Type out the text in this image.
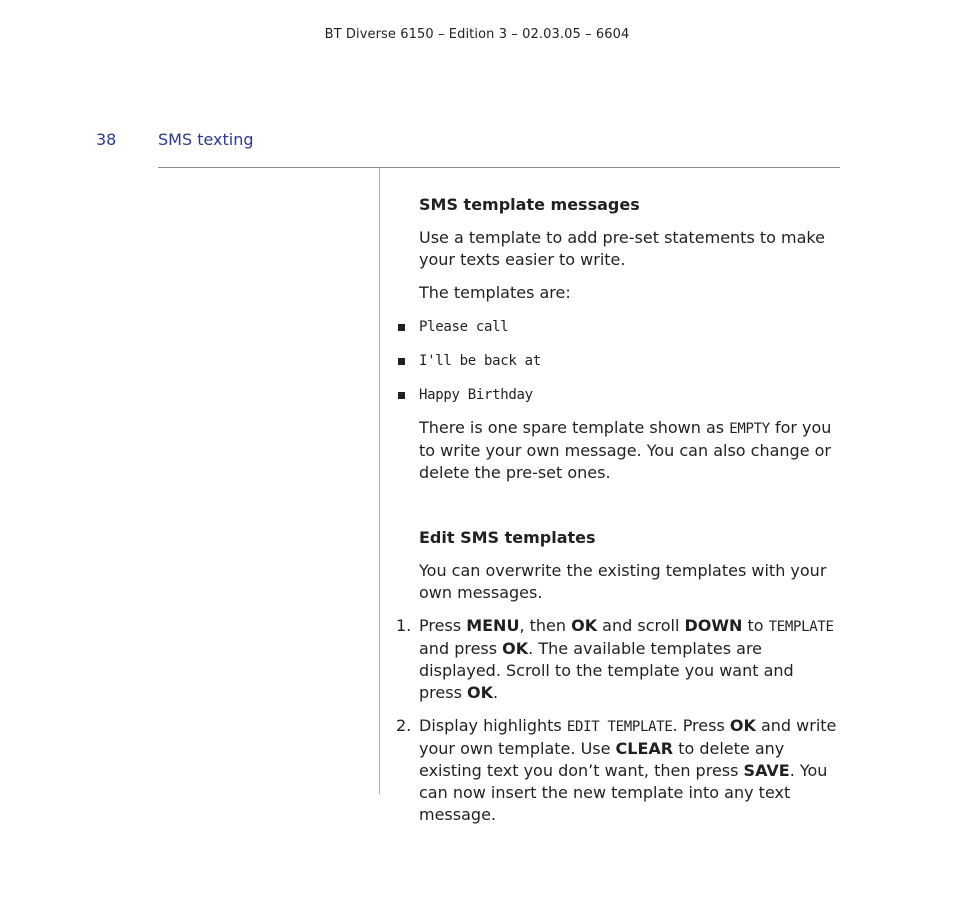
BT Diverse 6150 – Edition 3 – 02.03.05 – 6604
38	SMS texting
SMS template messages
Use a template to add pre-set statements to make your texts easier to write.
The templates are:
Please call
I'll be back at
Happy Birthday
There is one spare template shown as EMPTY for you to write your own message. You can also change or delete the pre-set ones.
Edit SMS templates
You can overwrite the existing templates with your own messages.
1. Press MENU, then OK and scroll DOWN to TEMPLATE and press OK. The available templates are displayed. Scroll to the template you want and press OK.
2. Display highlights EDIT TEMPLATE. Press OK and write your own template. Use CLEAR to delete any existing text you don’t want, then press SAVE. You can now insert the new template into any text message.
